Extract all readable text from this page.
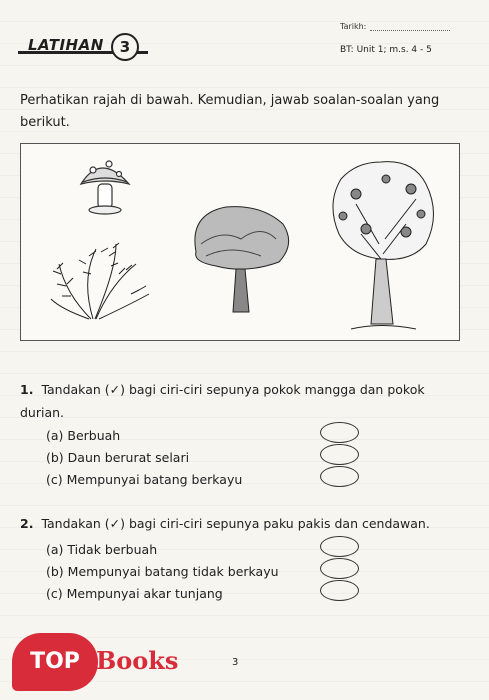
Tarikh:
LATIHAN	3	BT: Unit 1; m.s. 4 - 5
Perhatikan rajah di bawah. Kemudian, jawab soalan-soalan yang berikut.
1. Tandakan (✓) bagi ciri-ciri sepunya pokok mangga dan pokok durian.
(a) Berbuah
(b) Daun berurat selari
(c) Mempunyai batang berkayu
2. Tandakan (✓) bagi ciri-ciri sepunya paku pakis dan cendawan.
(a) Tidak berbuah
(b) Mempunyai batang tidak berkayu
(c) Mempunyai akar tunjang
3
TOP Books
